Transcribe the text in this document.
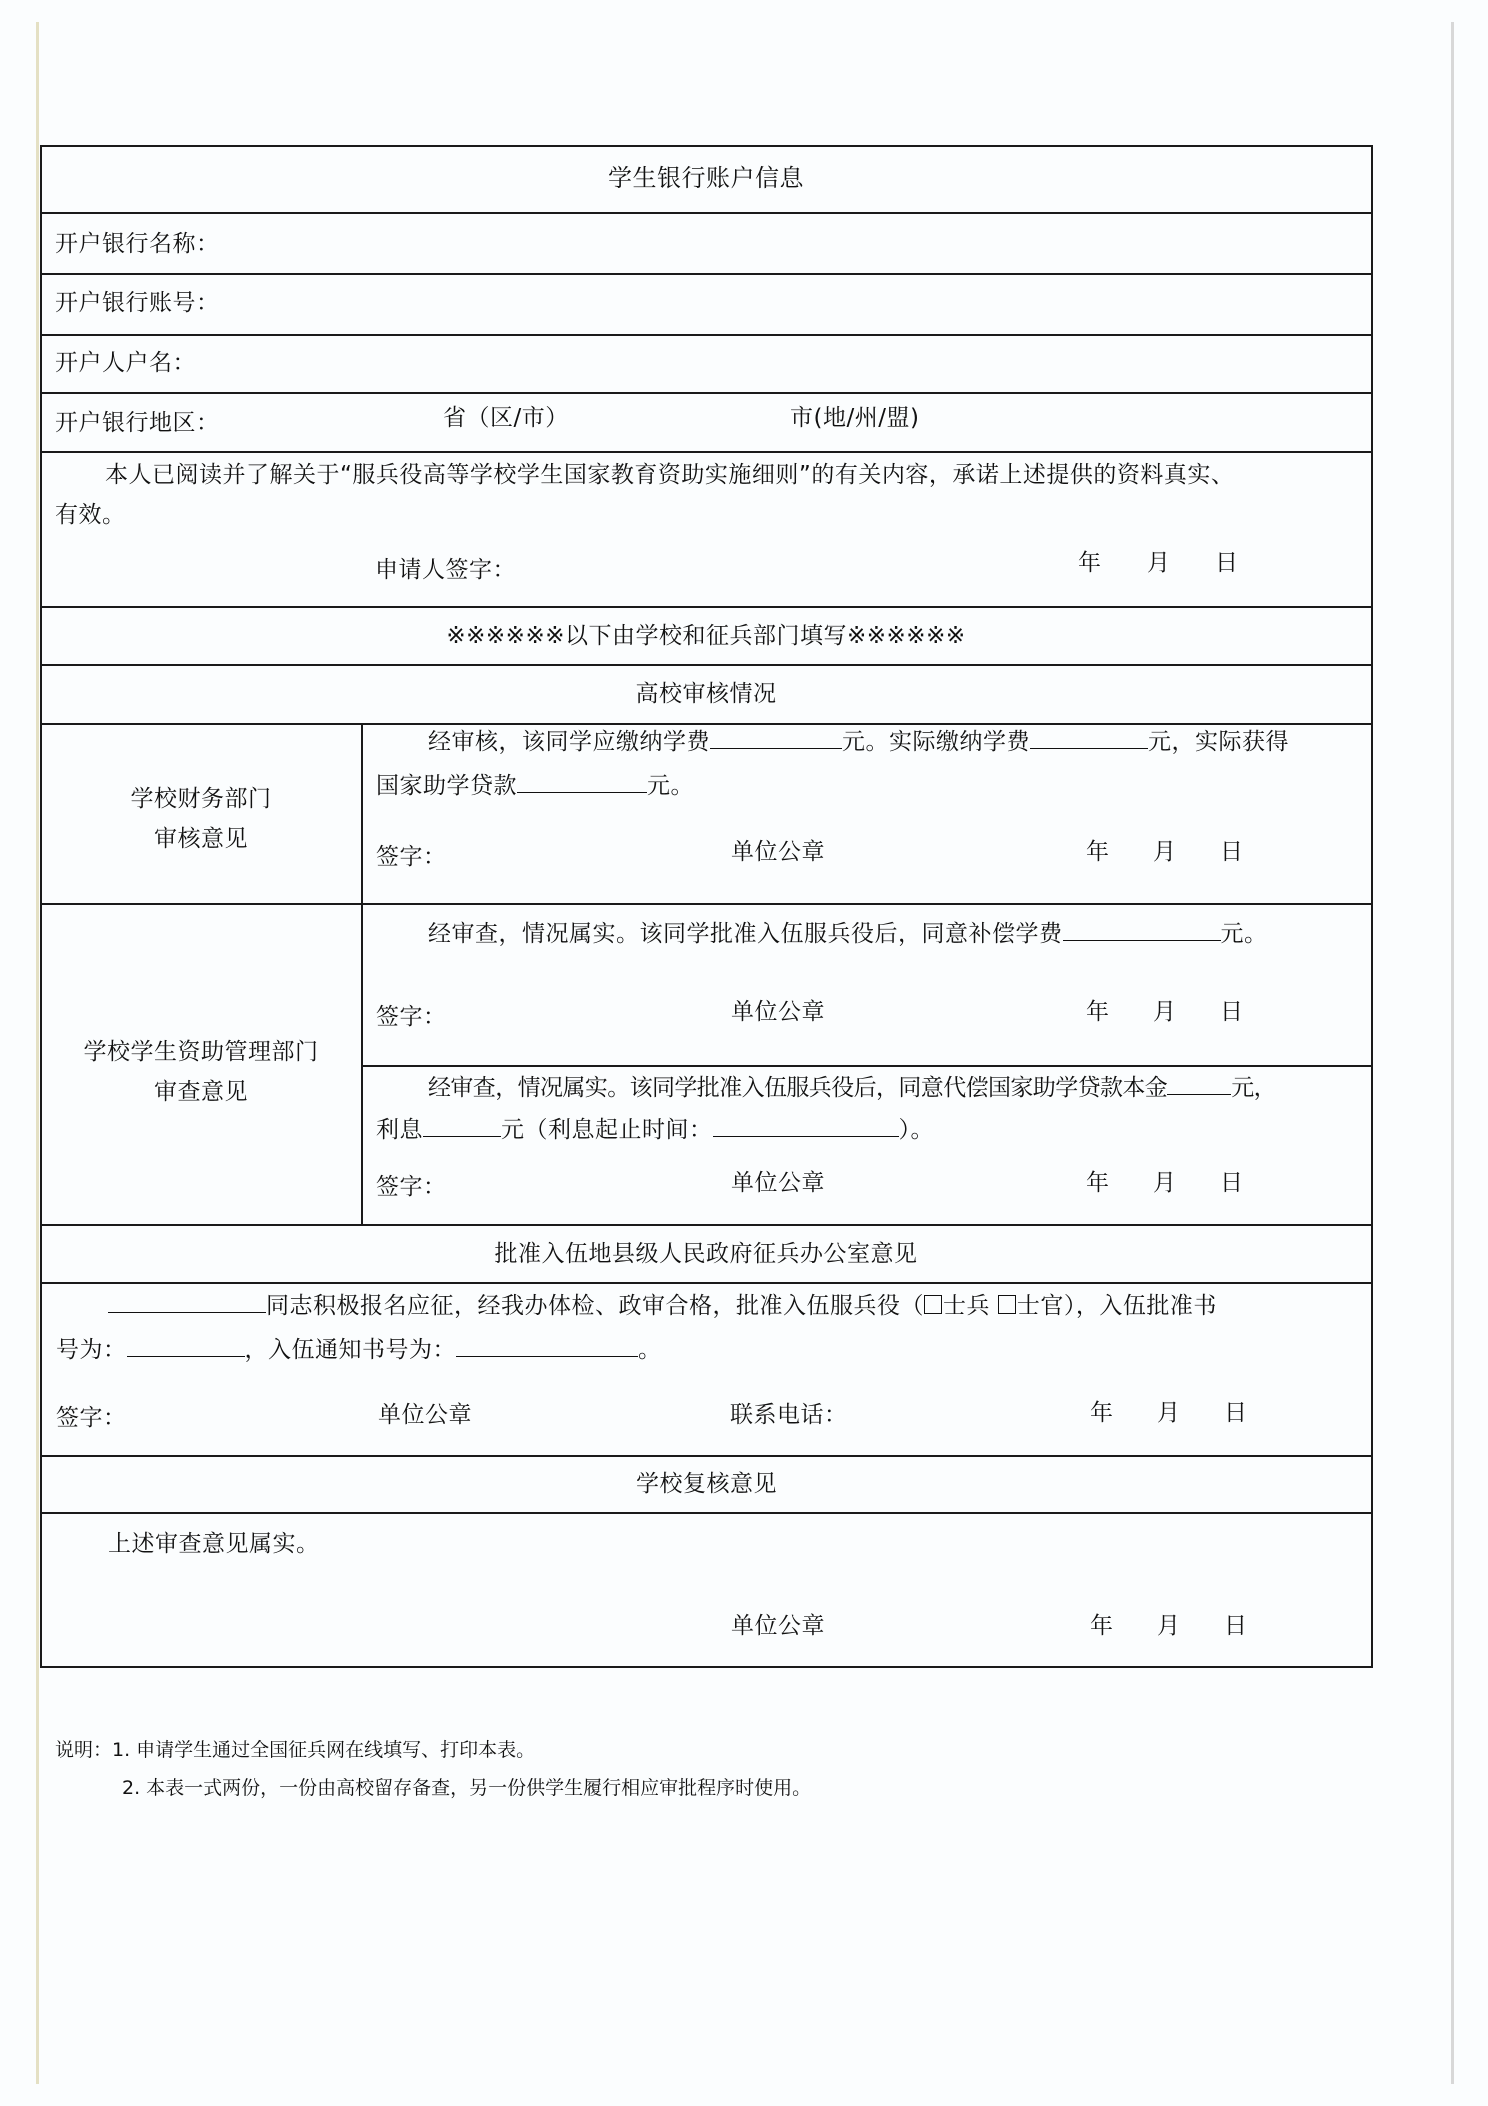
学生银行账户信息
开户银行名称：
开户银行账号：
开户人户名：
开户银行地区：	省（区/市）	市(地/州/盟)
本人已阅读并了解关于“服兵役高等学校学生国家教育资助实施细则”的有关内容，承诺上述提供的资料真实、
有效。
申请人签字：	年 月 日
※※※※※※以下由学校和征兵部门填写※※※※※※
高校审核情况
学校财务部门
审核意见
经审核，该同学应缴纳学费	元。实际缴纳学费	元，实际获得
国家助学贷款	元。
签字：	单位公章	年 月 日
学校学生资助管理部门
审查意见
经审查，情况属实。该同学批准入伍服兵役后，同意补偿学费	元。
签字：	单位公章	年 月 日
经审查，情况属实。该同学批准入伍服兵役后，同意代偿国家助学贷款本金	元，
利息	元（利息起止时间：	）。
签字：	单位公章	年 月 日
批准入伍地县级人民政府征兵办公室意见
同志积极报名应征，经我办体检、政审合格，批准入伍服兵役（ 士兵 士官），入伍批准书
号为：	，入伍通知书号为：	。
签字：	单位公章	联系电话：	年 月 日
学校复核意见
上述审查意见属实。
单位公章	年 月 日
说明：1. 申请学生通过全国征兵网在线填写、打印本表。
2. 本表一式两份，一份由高校留存备查，另一份供学生履行相应审批程序时使用。
